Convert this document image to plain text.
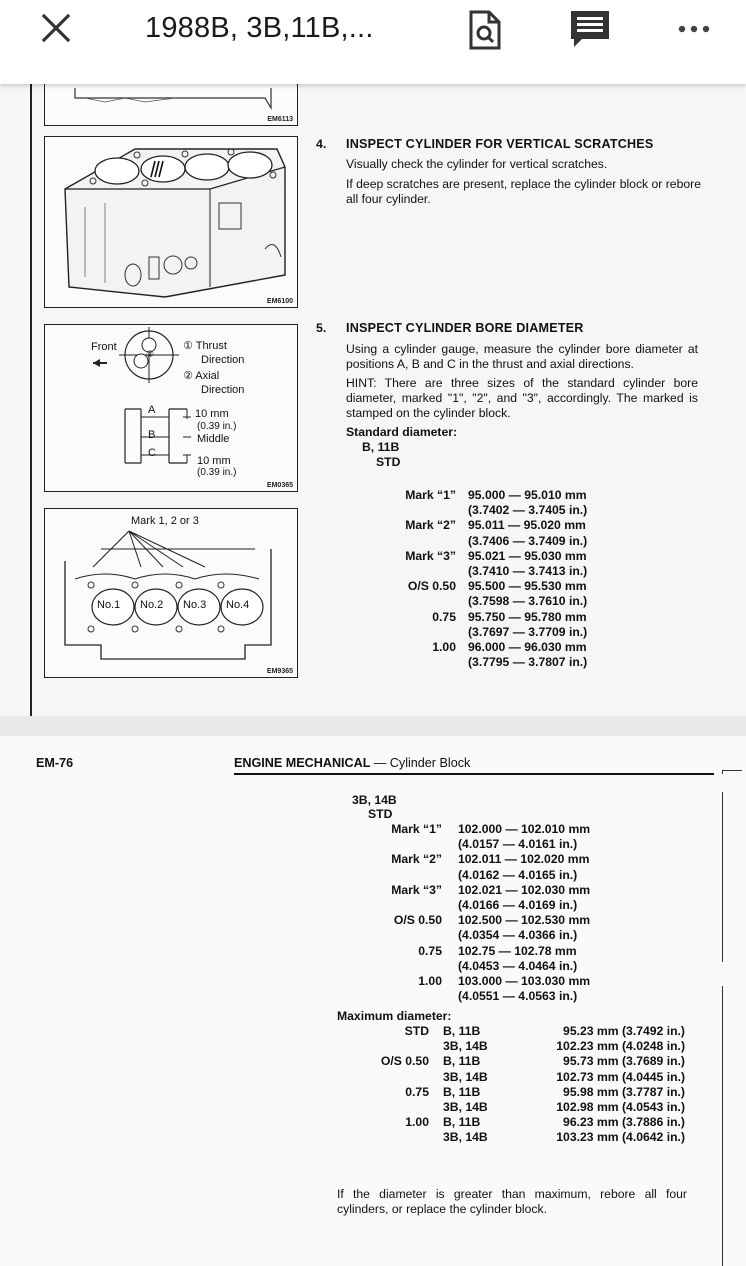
1988B, 3B,11B,...
EM6113
EM6100
Front
②
① Thrust
Direction
② Axial
Direction
A
B
C
10 mm
(0.39 in.)
Middle
10 mm
(0.39 in.)
EM0365
Mark 1, 2 or 3
No.1 No.2 No.3 No.4
EM9365
4. INSPECT CYLINDER FOR VERTICAL SCRATCHES

Visually check the cylinder for vertical scratches.

If deep scratches are present, replace the cylinder block or rebore all four cylinder.

5. INSPECT CYLINDER BORE DIAMETER

Using a cylinder gauge, measure the cylinder bore diameter at positions A, B and C in the thrust and axial directions.

HINT: There are three sizes of the standard cylinder bore diameter, marked "1", "2", and "3", accordingly. The marked is stamped on the cylinder block.

Standard diameter:

B, 11B

STD

Mark “1” 95.000 — 95.010 mm
(3.7402 — 3.7405 in.)
Mark “2” 95.011 — 95.020 mm
(3.7406 — 3.7409 in.)
Mark “3” 95.021 — 95.030 mm
(3.7410 — 3.7413 in.)
O/S 0.50 95.500 — 95.530 mm
(3.7598 — 3.7610 in.)
0.75 95.750 — 95.780 mm
(3.7697 — 3.7709 in.)
1.00 96.000 — 96.030 mm
(3.7795 — 3.7807 in.)
EM-76	ENGINE MECHANICAL — Cylinder Block
3B, 14B
STD
Mark “1” 102.000 — 102.010 mm
(4.0157 — 4.0161 in.)
Mark “2” 102.011 — 102.020 mm
(4.0162 — 4.0165 in.)
Mark “3” 102.021 — 102.030 mm
(4.0166 — 4.0169 in.)
O/S 0.50 102.500 — 102.530 mm
(4.0354 — 4.0366 in.)
0.75 102.75 — 102.78 mm
(4.0453 — 4.0464 in.)
1.00 103.000 — 103.030 mm
(4.0551 — 4.0563 in.)
Maximum diameter:
STD B, 11B	95.23 mm (3.7492 in.)
3B, 14B	102.23 mm (4.0248 in.)
O/S 0.50 B, 11B	95.73 mm (3.7689 in.)
3B, 14B	102.73 mm (4.0445 in.)
0.75 B, 11B	95.98 mm (3.7787 in.)
3B, 14B	102.98 mm (4.0543 in.)
1.00 B, 11B	96.23 mm (3.7886 in.)
3B, 14B	103.23 mm (4.0642 in.)
If the diameter is greater than maximum, rebore all four cylinders, or replace the cylinder block.
